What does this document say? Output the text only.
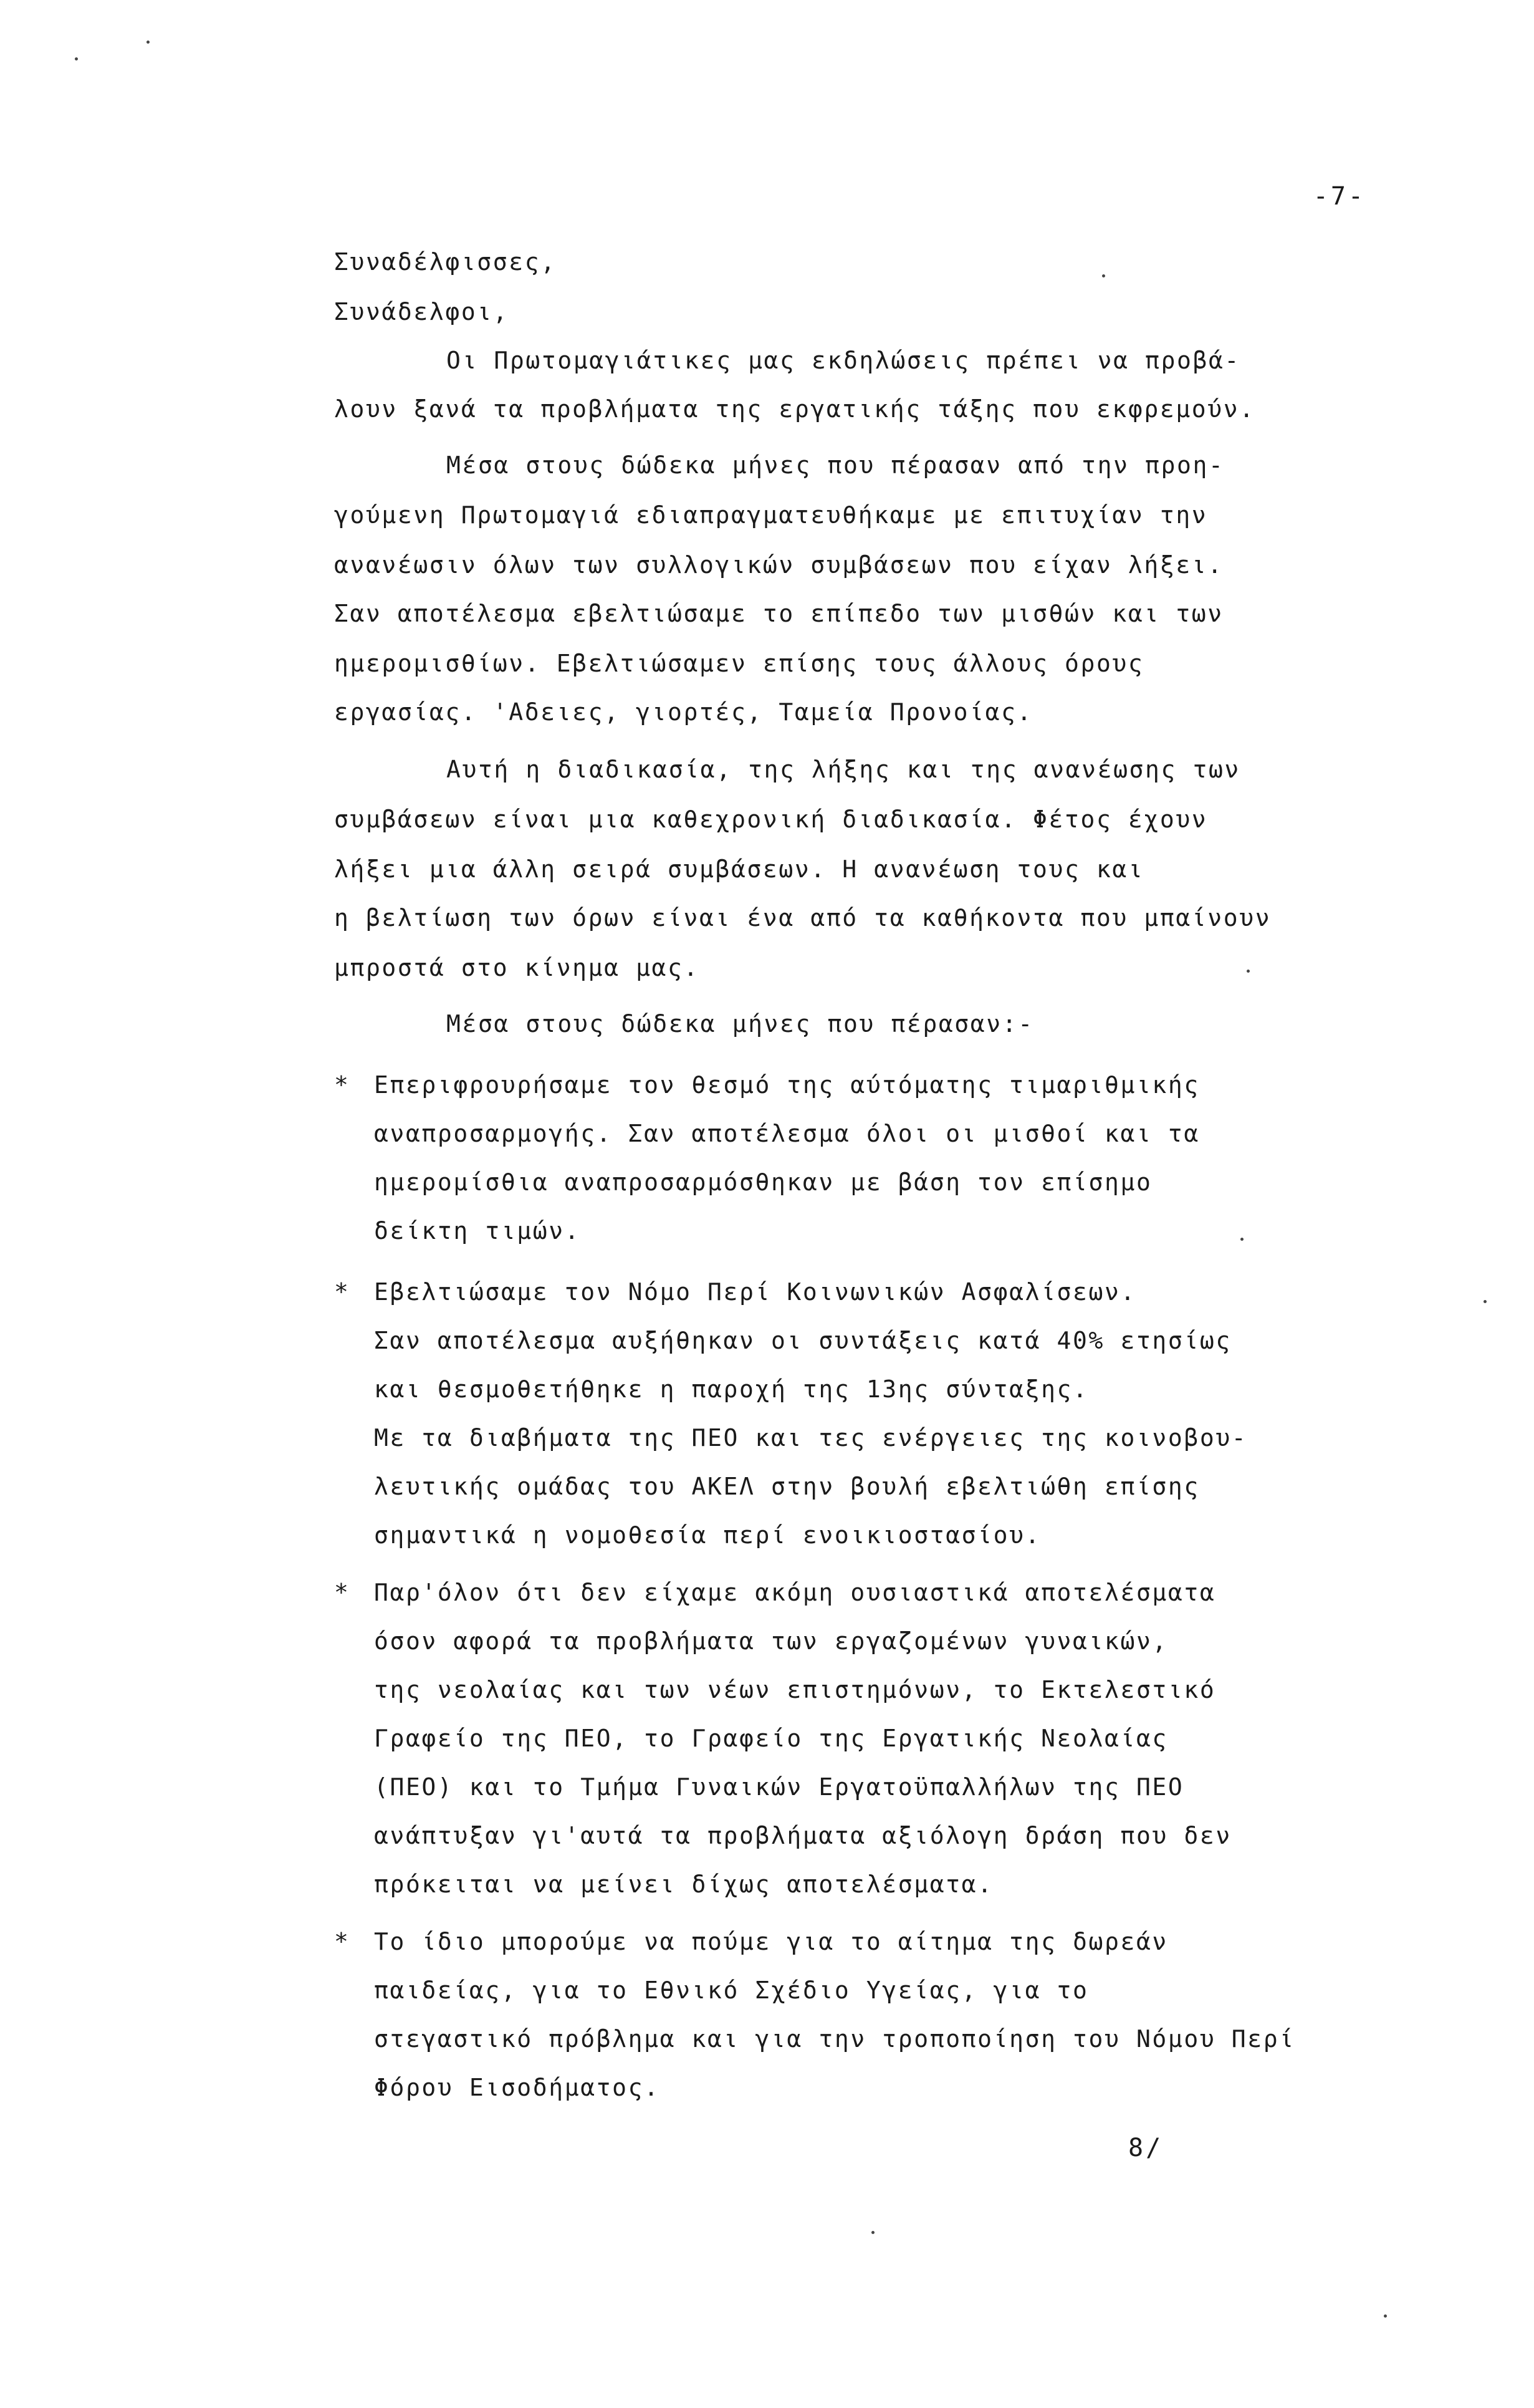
-7-
Συναδέλφισσες,
Συνάδελφοι,
Οι Πρωτομαγιάτικες μας εκδηλώσεις πρέπει να προβά-
λουν ξανά τα προβλήματα της εργατικής τάξης που εκφρεμούν.
Μέσα στους δώδεκα μήνες που πέρασαν από την προη-
γούμενη Πρωτομαγιά εδιαπραγματευθήκαμε με επιτυχίαν την
ανανέωσιν όλων των συλλογικών συμβάσεων που είχαν λήξει.
Σαν αποτέλεσμα εβελτιώσαμε το επίπεδο των μισθών και των
ημερομισθίων. Εβελτιώσαμεν επίσης τους άλλους όρους
εργασίας. 'Αδειες, γιορτές, Ταμεία Προνοίας.
Αυτή η διαδικασία, της λήξης και της ανανέωσης των
συμβάσεων είναι μια καθεχρονική διαδικασία. Φέτος έχουν
λήξει μια άλλη σειρά συμβάσεων. Η ανανέωση τους και
η βελτίωση των όρων είναι ένα από τα καθήκοντα που μπαίνουν
μπροστά στο κίνημα μας.
Μέσα στους δώδεκα μήνες που πέρασαν:-
* Επεριφρουρήσαμε τον θεσμό της αύτόματης τιμαριθμικής
αναπροσαρμογής. Σαν αποτέλεσμα όλοι οι μισθοί και τα
ημερομίσθια αναπροσαρμόσθηκαν με βάση τον επίσημο
δείκτη τιμών.
* Εβελτιώσαμε τον Νόμο Περί Κοινωνικών Ασφαλίσεων.
Σαν αποτέλεσμα αυξήθηκαν οι συντάξεις κατά 40% ετησίως
και θεσμοθετήθηκε η παροχή της 13ης σύνταξης.
Με τα διαβήματα της ΠΕΟ και τες ενέργειες της κοινοβου-
λευτικής ομάδας του ΑΚΕΛ στην βουλή εβελτιώθη επίσης
σημαντικά η νομοθεσία περί ενοικιοστασίου.
* Παρ'όλον ότι δεν είχαμε ακόμη ουσιαστικά αποτελέσματα
όσον αφορά τα προβλήματα των εργαζομένων γυναικών,
της νεολαίας και των νέων επιστημόνων, το Εκτελεστικό
Γραφείο της ΠΕΟ, το Γραφείο της Εργατικής Νεολαίας
(ΠΕΟ) και το Τμήμα Γυναικών Εργατοϋπαλλήλων της ΠΕΟ
ανάπτυξαν γι'αυτά τα προβλήματα αξιόλογη δράση που δεν
πρόκειται να μείνει δίχως αποτελέσματα.
* Το ίδιο μπορούμε να πούμε για το αίτημα της δωρεάν
παιδείας, για το Εθνικό Σχέδιο Υγείας, για το
στεγαστικό πρόβλημα και για την τροποποίηση του Νόμου Περί
Φόρου Εισοδήματος.
8/
